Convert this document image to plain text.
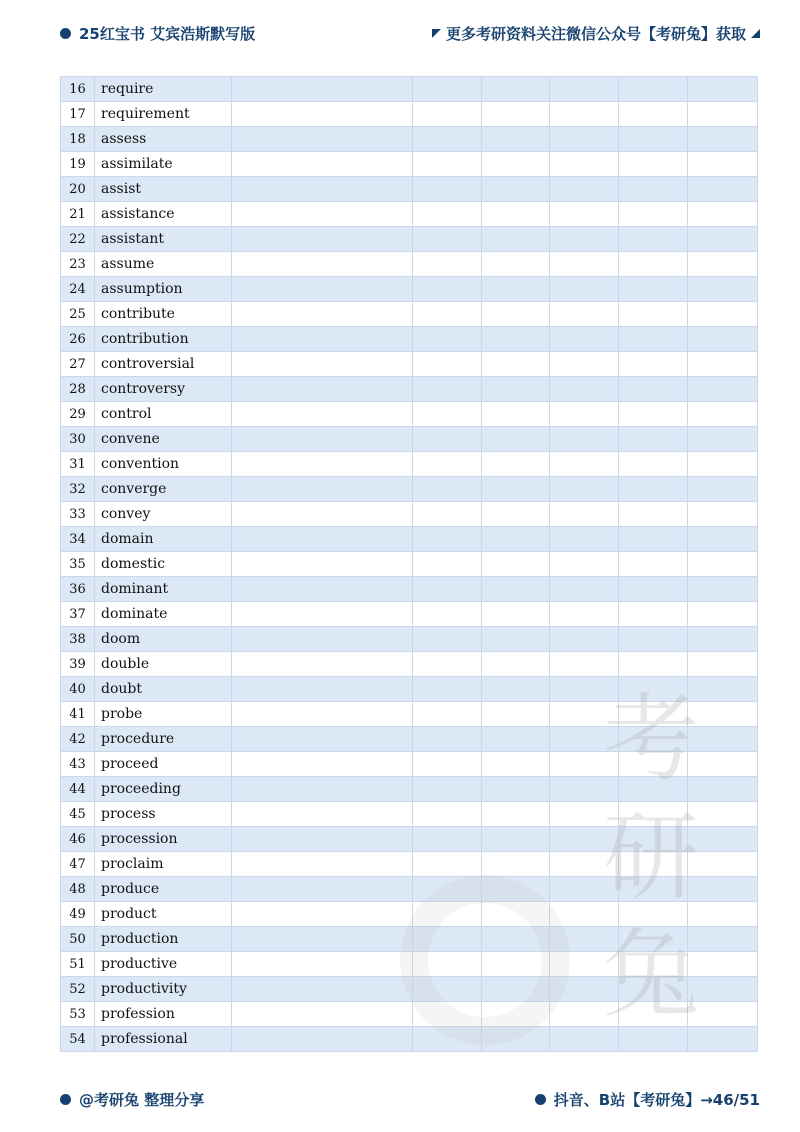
25红宝书 艾宾浩斯默写版	更多考研资料关注微信公众号【考研兔】获取
16	require						
17	requirement						
18	assess						
19	assimilate						
20	assist						
21	assistance						
22	assistant						
23	assume						
24	assumption						
25	contribute						
26	contribution						
27	controversial						
28	controversy						
29	control						
30	convene						
31	convention						
32	converge						
33	convey						
34	domain						
35	domestic						
36	dominant						
37	dominate						
38	doom						
39	double						
40	doubt						
41	probe						
42	procedure						
43	proceed						
44	proceeding						
45	process						
46	procession						
47	proclaim						
48	produce						
49	product						
50	production						
51	productive						
52	productivity						
53	profession						
54	professional						
考
研
兔
@考研兔 整理分享	抖音、B站【考研兔】→46/51
